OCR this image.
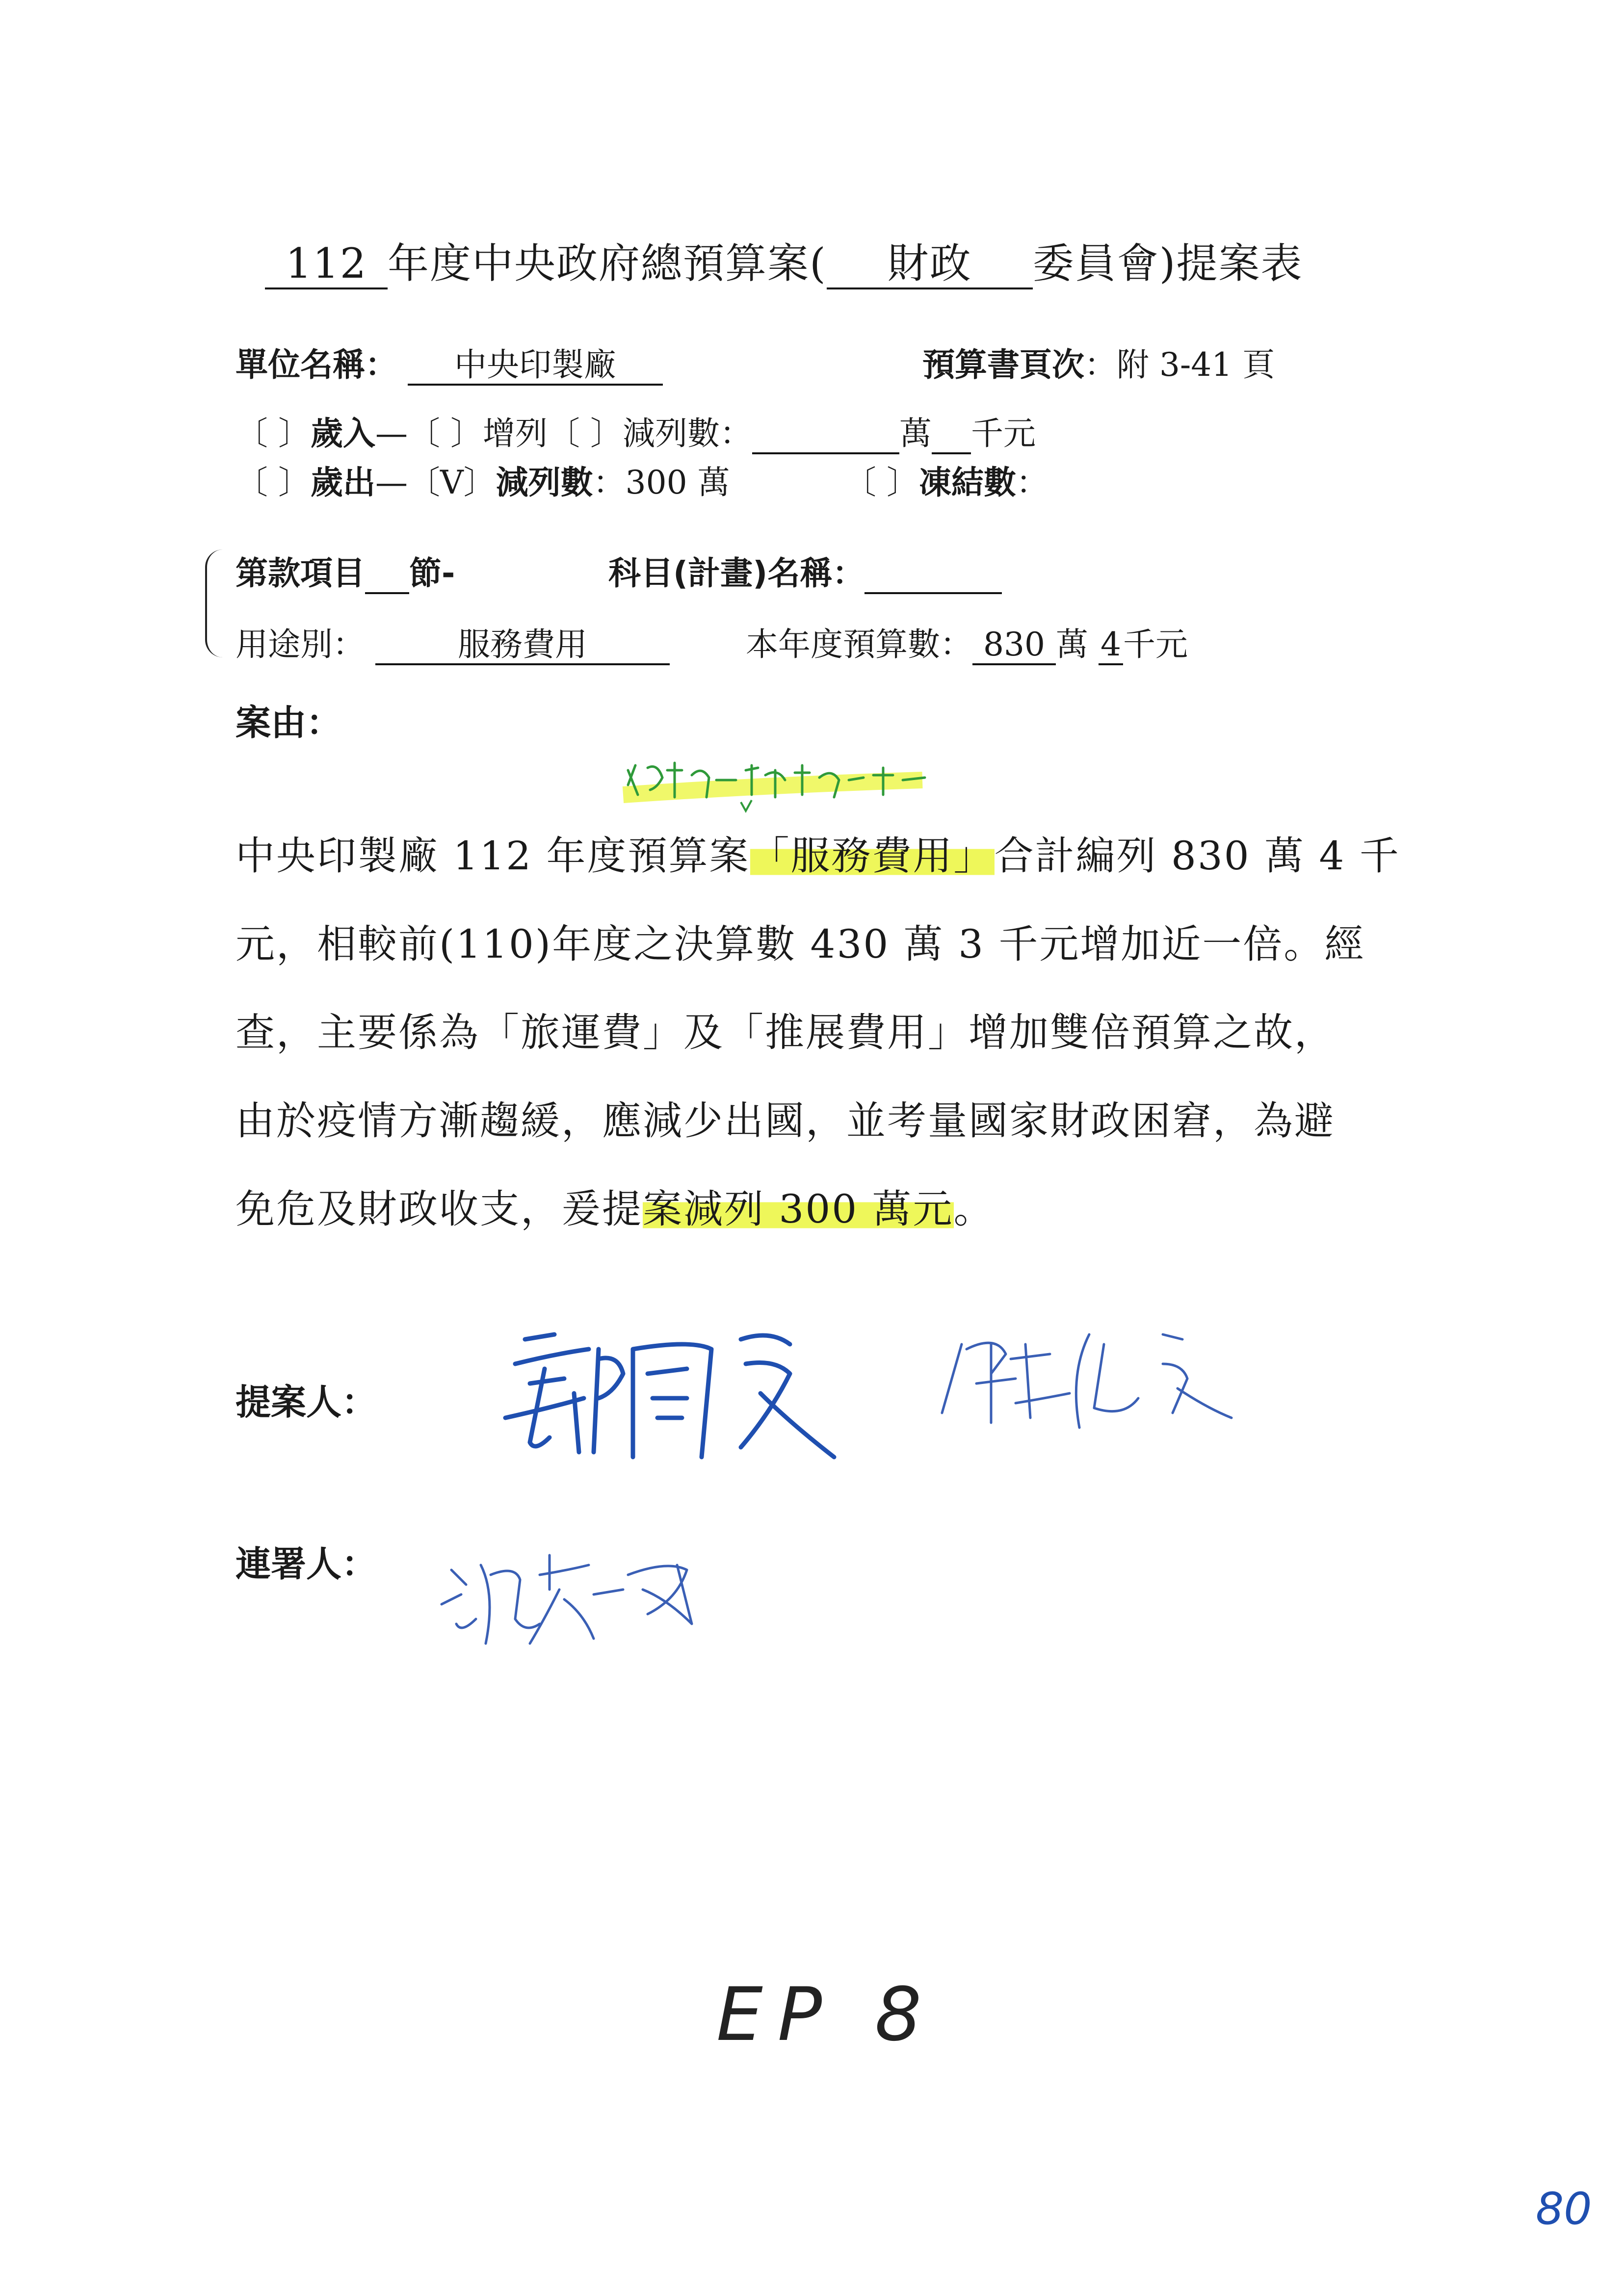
112 年度中央政府總預算案( 財政 委員會)提案表
單位名稱： 中央印製廠	預算書頁次：附 3-41 頁
〔 〕歲入—〔 〕增列〔 〕減列數：	萬 千元
〔 〕歲出—〔V〕減列數：300 萬	〔 〕凍結數：
第款項目 節-	科目(計畫)名稱：
用途別：	服務費用	本年度預算數： 830 萬 4千元
案由：
中央印製廠 112 年度預算案「服務費用」合計編列 830 萬 4 千
元，相較前(110)年度之決算數 430 萬 3 千元增加近一倍。經
查，主要係為「旅運費」及「推展費用」增加雙倍預算之故，
由於疫情方漸趨緩，應減少出國，並考量國家財政困窘，為避
免危及財政收支，爰提案減列 300 萬元。
提案人：
連署人：
EP 8
80
